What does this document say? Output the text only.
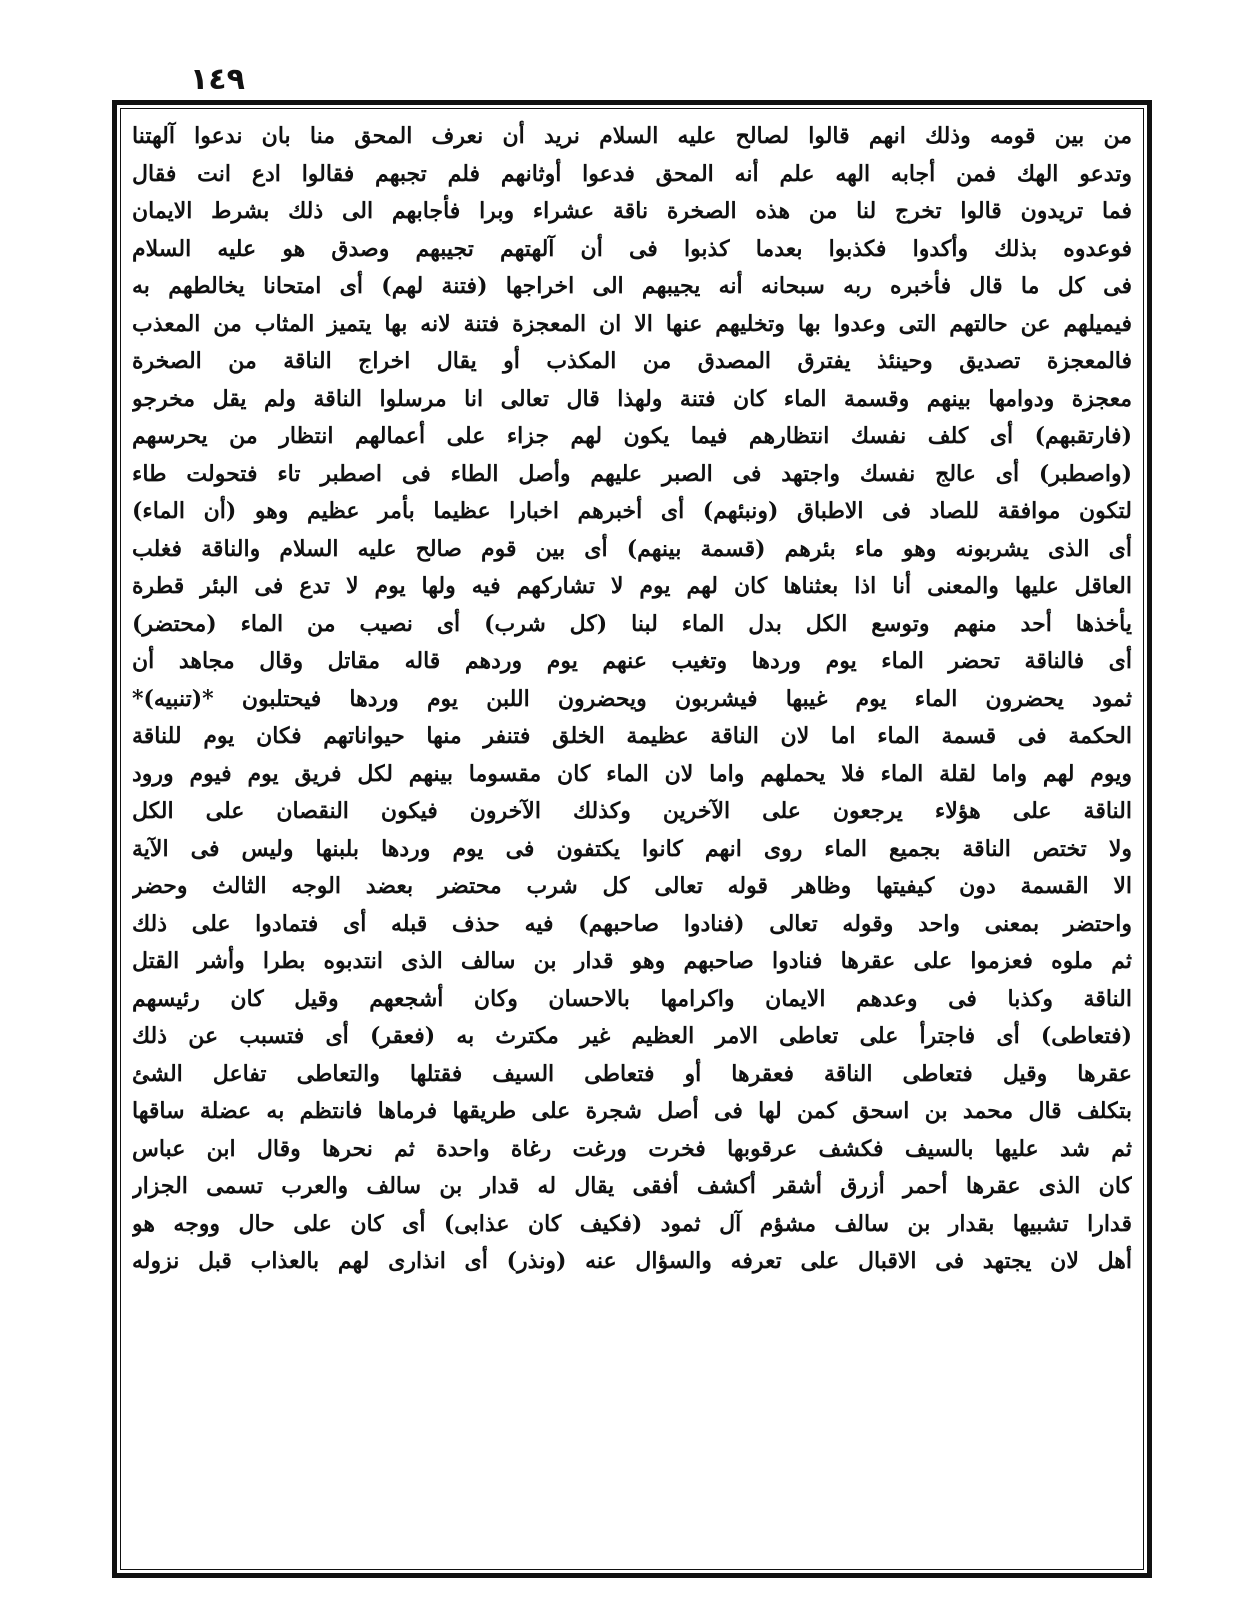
١٤٩
من بين قومه وذلك انهم قالوا لصالح عليه السلام نريد أن نعرف المحق منا بان ندعوا آلهتنا
وتدعو الهك فمن أجابه الهه علم أنه المحق فدعوا أوثانهم فلم تجبهم فقالوا ادع انت فقال
فما تريدون قالوا تخرج لنا من هذه الصخرة ناقة عشراء وبرا فأجابهم الى ذلك بشرط الايمان
فوعدوه بذلك وأكدوا فكذبوا بعدما كذبوا فى أن آلهتهم تجيبهم وصدق هو عليه السلام
فى كل ما قال فأخبره ربه سبحانه أنه يجيبهم الى اخراجها (فتنة لهم) أى امتحانا يخالطهم به
فيميلهم عن حالتهم التى وعدوا بها وتخليهم عنها الا ان المعجزة فتنة لانه بها يتميز المثاب من المعذب
فالمعجزة تصديق وحينئذ يفترق المصدق من المكذب أو يقال اخراج الناقة من الصخرة
معجزة ودوامها بينهم وقسمة الماء كان فتنة ولهذا قال تعالى انا مرسلوا الناقة ولم يقل مخرجو
(فارتقبهم) أى كلف نفسك انتظارهم فيما يكون لهم جزاء على أعمالهم انتظار من يحرسهم
(واصطبر) أى عالج نفسك واجتهد فى الصبر عليهم وأصل الطاء فى اصطبر تاء فتحولت طاء
لتكون موافقة للصاد فى الاطباق (ونبئهم) أى أخبرهم اخبارا عظيما بأمر عظيم وهو (أن الماء)
أى الذى يشربونه وهو ماء بئرهم (قسمة بينهم) أى بين قوم صالح عليه السلام والناقة فغلب
العاقل عليها والمعنى أنا اذا بعثناها كان لهم يوم لا تشاركهم فيه ولها يوم لا تدع فى البئر قطرة
يأخذها أحد منهم وتوسع الكل بدل الماء لبنا (كل شرب) أى نصيب من الماء (محتضر)
أى فالناقة تحضر الماء يوم وردها وتغيب عنهم يوم وردهم قاله مقاتل وقال مجاهد أن
ثمود يحضرون الماء يوم غيبها فيشربون ويحضرون اللبن يوم وردها فيحتلبون *(تنبيه)*
الحكمة فى قسمة الماء اما لان الناقة عظيمة الخلق فتنفر منها حيواناتهم فكان يوم للناقة
ويوم لهم واما لقلة الماء فلا يحملهم واما لان الماء كان مقسوما بينهم لكل فريق يوم فيوم ورود
الناقة على هؤلاء يرجعون على الآخرين وكذلك الآخرون فيكون النقصان على الكل
ولا تختص الناقة بجميع الماء روى انهم كانوا يكتفون فى يوم وردها بلبنها وليس فى الآية
الا القسمة دون كيفيتها وظاهر قوله تعالى كل شرب محتضر بعضد الوجه الثالث وحضر
واحتضر بمعنى واحد وقوله تعالى (فنادوا صاحبهم) فيه حذف قبله أى فتمادوا على ذلك
ثم ملوه فعزموا على عقرها فنادوا صاحبهم وهو قدار بن سالف الذى انتدبوه بطرا وأشر القتل
الناقة وكذبا فى وعدهم الايمان واكرامها بالاحسان وكان أشجعهم وقيل كان رئيسهم
(فتعاطى) أى فاجترأ على تعاطى الامر العظيم غير مكترث به (فعقر) أى فتسبب عن ذلك
عقرها وقيل فتعاطى الناقة فعقرها أو فتعاطى السيف فقتلها والتعاطى تفاعل الشئ
بتكلف قال محمد بن اسحق كمن لها فى أصل شجرة على طريقها فرماها فانتظم به عضلة ساقها
ثم شد عليها بالسيف فكشف عرقوبها فخرت ورغت رغاة واحدة ثم نحرها وقال ابن عباس
كان الذى عقرها أحمر أزرق أشقر أكشف أفقى يقال له قدار بن سالف والعرب تسمى الجزار
قدارا تشبيها بقدار بن سالف مشؤم آل ثمود (فكيف كان عذابى) أى كان على حال ووجه هو
أهل لان يجتهد فى الاقبال على تعرفه والسؤال عنه (ونذر) أى انذارى لهم بالعذاب قبل نزوله
